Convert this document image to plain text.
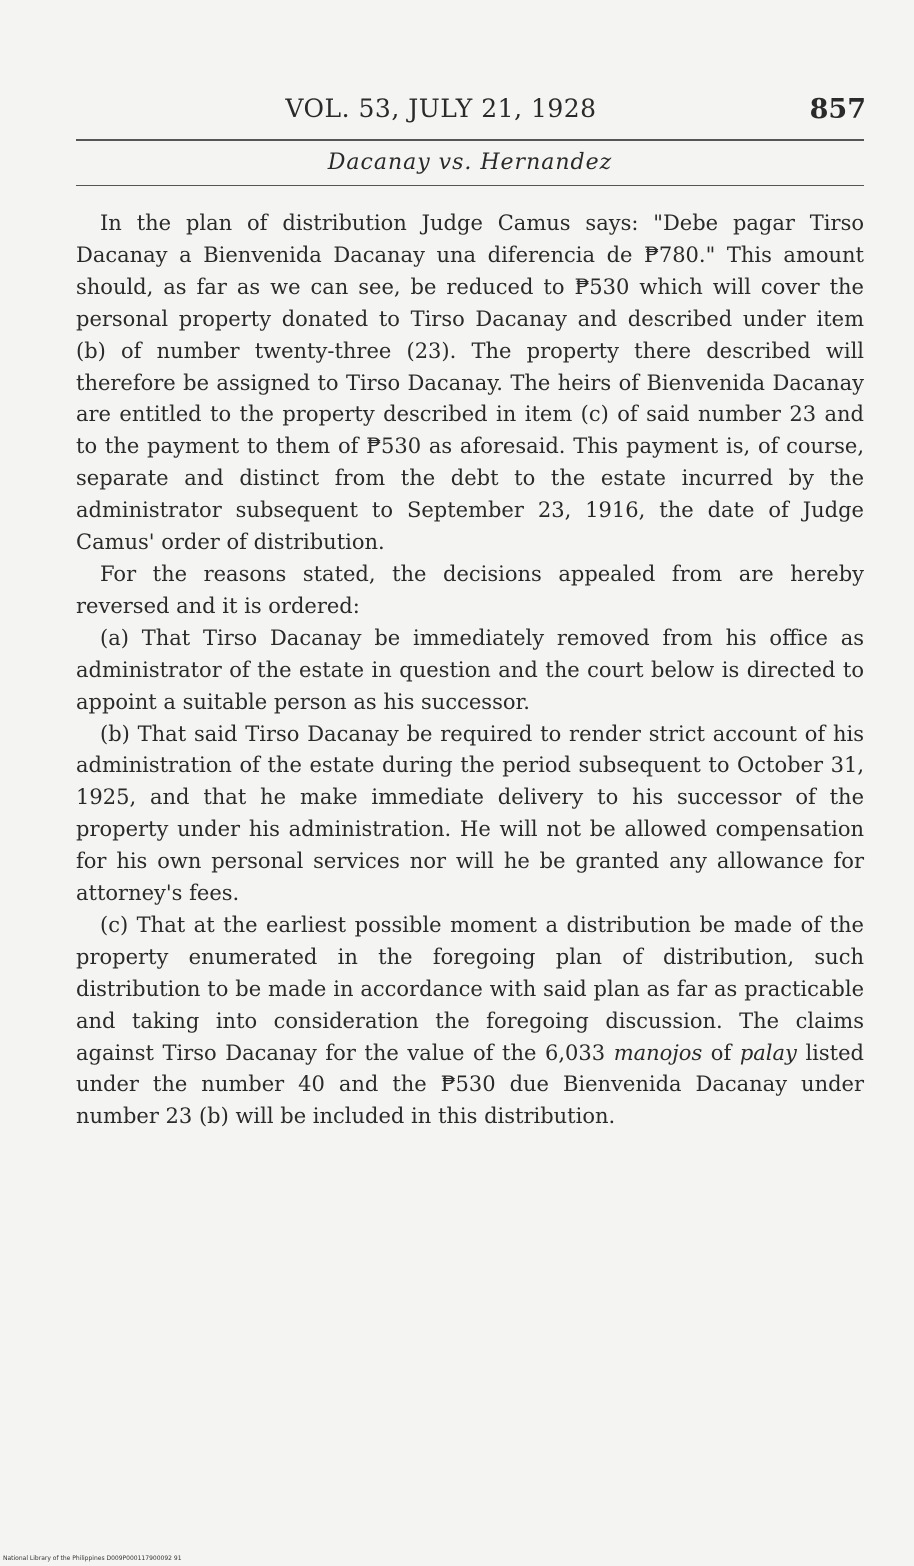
VOL. 53, JULY 21, 1928	857
Dacanay vs. Hernandez

In the plan of distribution Judge Camus says: "Debe pagar Tirso Dacanay a Bienvenida Dacanay una diferencia de ₱780." This amount should, as far as we can see, be reduced to ₱530 which will cover the personal property donated to Tirso Dacanay and described under item (b) of number twenty-three (23). The property there described will therefore be assigned to Tirso Dacanay. The heirs of Bienvenida Dacanay are entitled to the property described in item (c) of said number 23 and to the payment to them of ₱530 as aforesaid. This payment is, of course, separate and distinct from the debt to the estate incurred by the administrator subsequent to September 23, 1916, the date of Judge Camus' order of distribution.

For the reasons stated, the decisions appealed from are hereby reversed and it is ordered:

(a) That Tirso Dacanay be immediately removed from his office as administrator of the estate in question and the court below is directed to appoint a suitable person as his successor.

(b) That said Tirso Dacanay be required to render strict account of his administration of the estate during the period subsequent to October 31, 1925, and that he make immediate delivery to his successor of the property under his administration. He will not be allowed compensation for his own personal services nor will he be granted any allowance for attorney's fees.

(c) That at the earliest possible moment a distribution be made of the property enumerated in the foregoing plan of distribution, such distribution to be made in accordance with said plan as far as practicable and taking into consideration the foregoing discussion. The claims against Tirso Dacanay for the value of the 6,033 manojos of palay listed under the number 40 and the ₱530 due Bienvenida Dacanay under number 23 (b) will be included in this distribution.

National Library of the Philippines D009P000117900092 91
